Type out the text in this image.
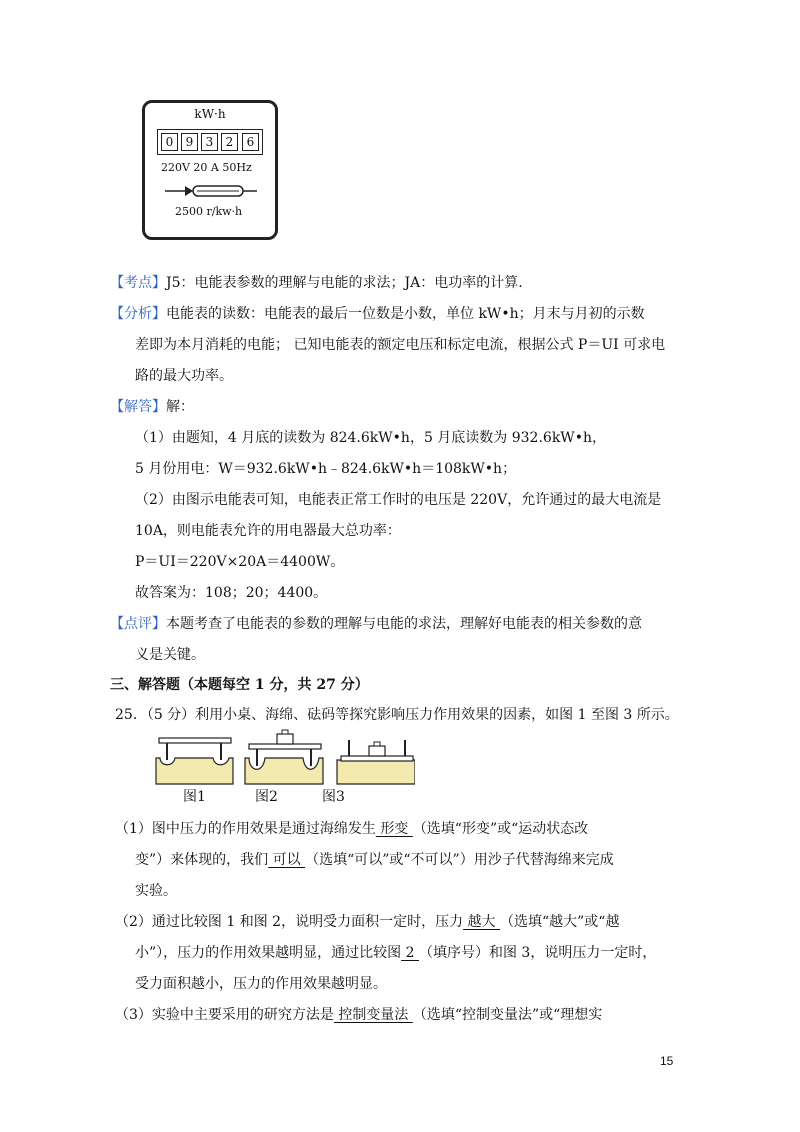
kW·h
0	9	3	2	6
220V 20 A 50Hz
2500 r/kw·h
【考点】J5：电能表参数的理解与电能的求法；JA：电功率的计算.
【分析】电能表的读数：电能表的最后一位数是小数，单位 kW•h；月末与月初的示数
差即为本月消耗的电能； 已知电能表的额定电压和标定电流，根据公式 P＝UI 可求电
路的最大功率。
【解答】解：
（1）由题知，4 月底的读数为 824.6kW•h，5 月底读数为 932.6kW•h，
5 月份用电：W＝932.6kW•h﹣824.6kW•h＝108kW•h；
（2）由图示电能表可知，电能表正常工作时的电压是 220V，允许通过的最大电流是
10A，则电能表允许的用电器最大总功率：
P＝UI＝220V×20A＝4400W。
故答案为：108；20；4400。
【点评】本题考查了电能表的参数的理解与电能的求法，理解好电能表的相关参数的意
义是关键。
三、解答题（本题每空 1 分，共 27 分）
25．（5 分）利用小桌、海绵、砝码等探究影响压力作用效果的因素，如图 1 至图 3 所示。
图1	图2	图3
（1）图中压力的作用效果是通过海绵发生 形变 （选填“形变”或“运动状态改
变”）来体现的，我们 可以 （选填“可以”或“不可以”）用沙子代替海绵来完成
实验。
（2）通过比较图 1 和图 2，说明受力面积一定时，压力 越大 （选填“越大”或“越
小”），压力的作用效果越明显，通过比较图 2 （填序号）和图 3，说明压力一定时，
受力面积越小，压力的作用效果越明显。
（3）实验中主要采用的研究方法是 控制变量法 （选填“控制变量法”或“理想实
15
